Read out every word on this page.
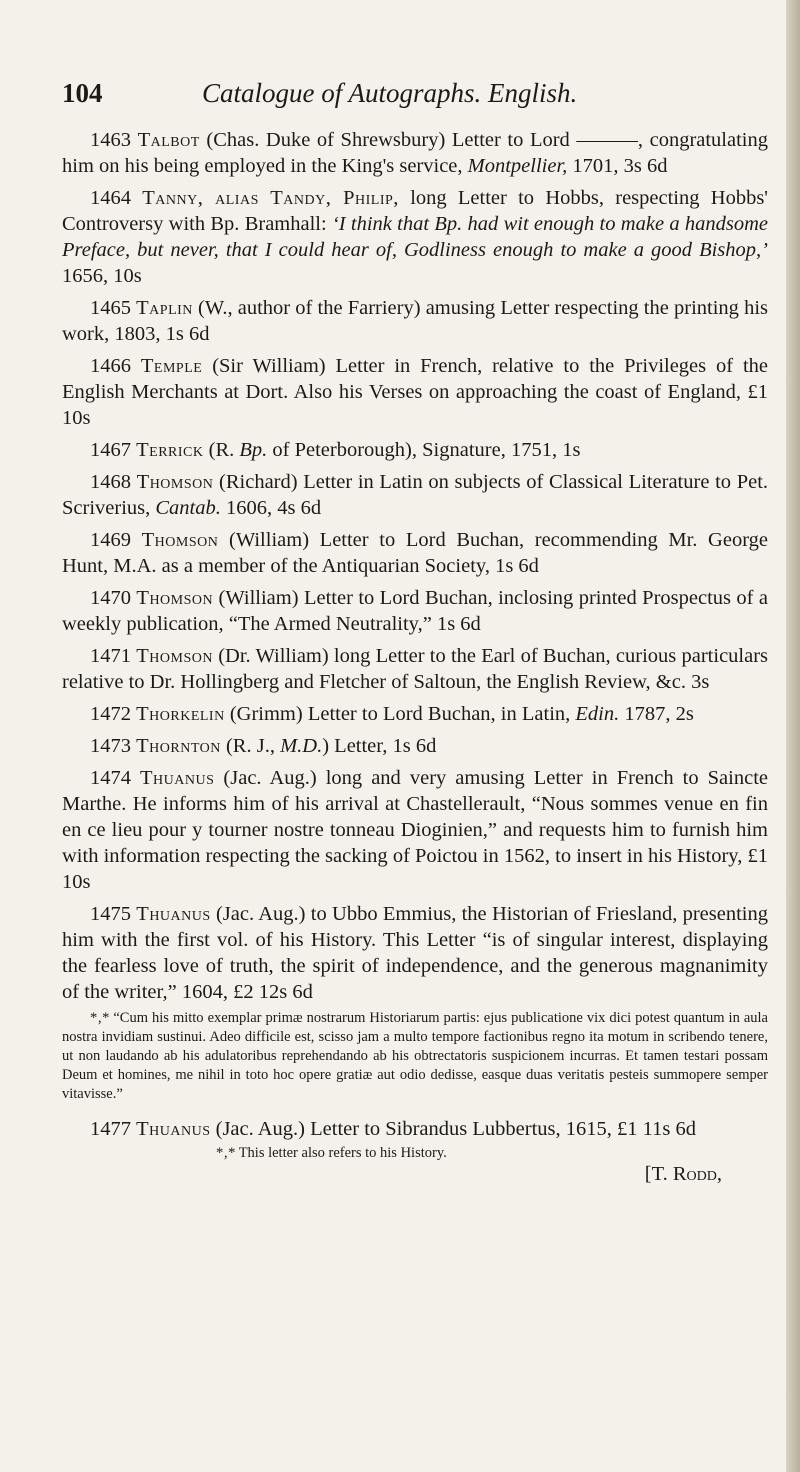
104	Catalogue of Autographs. English.

1463 Talbot (Chas. Duke of Shrewsbury) Letter to Lord ———, congratulating him on his being employed in the King's service, Montpellier, 1701, 3s 6d

1464 Tanny, alias Tandy, Philip, long Letter to Hobbs, respecting Hobbs' Controversy with Bp. Bramhall: ‘I think that Bp. had wit enough to make a handsome Preface, but never, that I could hear of, Godliness enough to make a good Bishop,’ 1656, 10s

1465 Taplin (W., author of the Farriery) amusing Letter respecting the printing his work, 1803, 1s 6d

1466 Temple (Sir William) Letter in French, relative to the Privileges of the English Merchants at Dort. Also his Verses on approaching the coast of England, £1 10s

1467 Terrick (R. Bp. of Peterborough), Signature, 1751, 1s

1468 Thomson (Richard) Letter in Latin on subjects of Classical Literature to Pet. Scriverius, Cantab. 1606, 4s 6d

1469 Thomson (William) Letter to Lord Buchan, recommending Mr. George Hunt, M.A. as a member of the Antiquarian Society, 1s 6d

1470 Thomson (William) Letter to Lord Buchan, inclosing printed Prospectus of a weekly publication, “The Armed Neutrality,” 1s 6d

1471 Thomson (Dr. William) long Letter to the Earl of Buchan, curious particulars relative to Dr. Hollingberg and Fletcher of Saltoun, the English Review, &c. 3s

1472 Thorkelin (Grimm) Letter to Lord Buchan, in Latin, Edin. 1787, 2s

1473 Thornton (R. J., M.D.) Letter, 1s 6d

1474 Thuanus (Jac. Aug.) long and very amusing Letter in French to Saincte Marthe. He informs him of his arrival at Chastellerault, “Nous sommes venue en fin en ce lieu pour y tourner nostre tonneau Dioginien,” and requests him to furnish him with information respecting the sacking of Poictou in 1562, to insert in his History, £1 10s

1475 Thuanus (Jac. Aug.) to Ubbo Emmius, the Historian of Friesland, presenting him with the first vol. of his History. This Letter “is of singular interest, displaying the fearless love of truth, the spirit of independence, and the generous magnanimity of the writer,” 1604, £2 12s 6d

*‚* “Cum his mitto exemplar primæ nostrarum Historiarum partis: ejus publicatione vix dici potest quantum in aula nostra invidiam sustinui. Adeo difficile est, scisso jam a multo tempore factionibus regno ita motum in scribendo tenere, ut non laudando ab his adulatoribus reprehendando ab his obtrectatoris suspicionem incurras. Et tamen testari possam Deum et homines, me nihil in toto hoc opere gratiæ aut odio dedisse, easque duas veritatis pesteis summopere semper vitavisse.”

1477 Thuanus (Jac. Aug.) Letter to Sibrandus Lubbertus, 1615, £1 11s 6d

*‚* This letter also refers to his History.

[T. Rodd,
